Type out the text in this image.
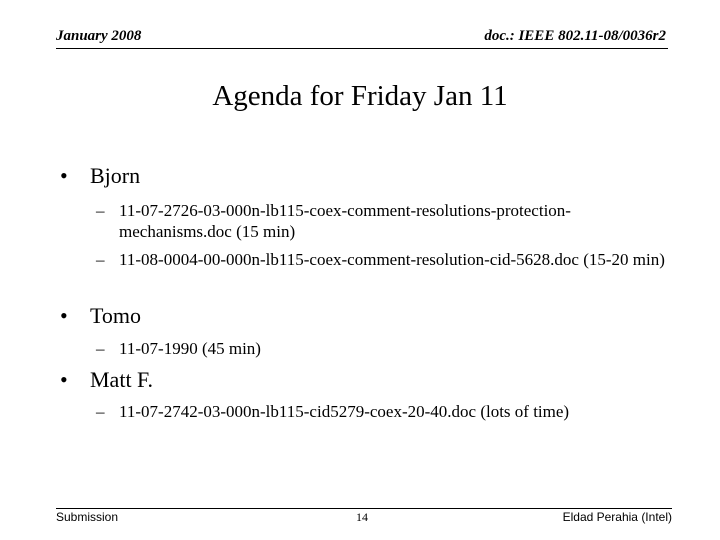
January 2008	doc.: IEEE 802.11-08/0036r2
Agenda for Friday Jan 11
• Bjorn
– 11-07-2726-03-000n-lb115-coex-comment-resolutions-protection-mechanisms.doc (15 min)
– 11-08-0004-00-000n-lb115-coex-comment-resolution-cid-5628.doc (15-20 min)
• Tomo
– 11-07-1990 (45 min)
• Matt F.
– 11-07-2742-03-000n-lb115-cid5279-coex-20-40.doc (lots of time)
Submission	14	Eldad Perahia (Intel)
